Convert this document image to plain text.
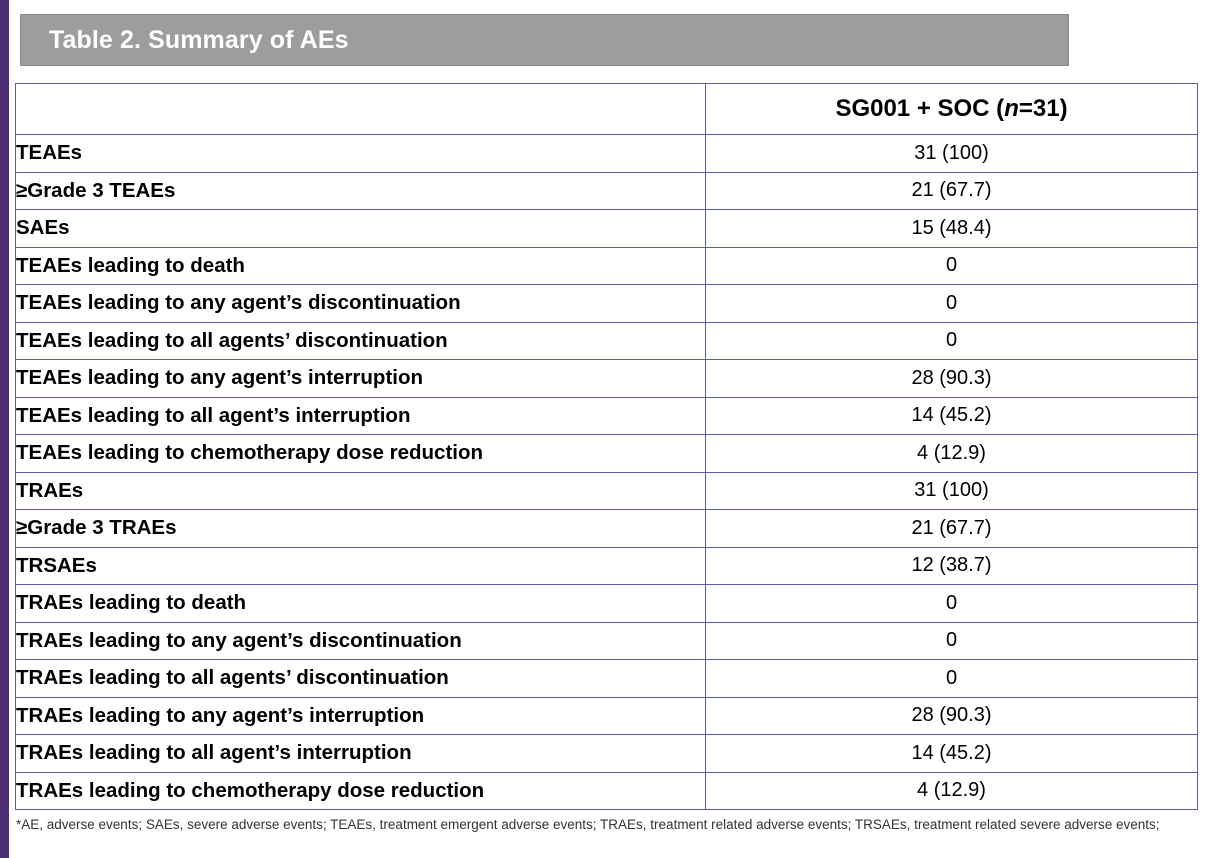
Table 2. Summary of AEs
	SG001 + SOC (n=31)
TEAEs	31 (100)
≥Grade 3 TEAEs	21 (67.7)
SAEs	15 (48.4)
TEAEs leading to death	0
TEAEs leading to any agent’s discontinuation	0
TEAEs leading to all agents’ discontinuation	0
TEAEs leading to any agent’s interruption	28 (90.3)
TEAEs leading to all agent’s interruption	14 (45.2)
TEAEs leading to chemotherapy dose reduction	4 (12.9)
TRAEs	31 (100)
≥Grade 3 TRAEs	21 (67.7)
TRSAEs	12 (38.7)
TRAEs leading to death	0
TRAEs leading to any agent’s discontinuation	0
TRAEs leading to all agents’ discontinuation	0
TRAEs leading to any agent’s interruption	28 (90.3)
TRAEs leading to all agent’s interruption	14 (45.2)
TRAEs leading to chemotherapy dose reduction	4 (12.9)
*AE, adverse events; SAEs, severe adverse events; TEAEs, treatment emergent adverse events; TRAEs, treatment related adverse events; TRSAEs, treatment related severe adverse events;
